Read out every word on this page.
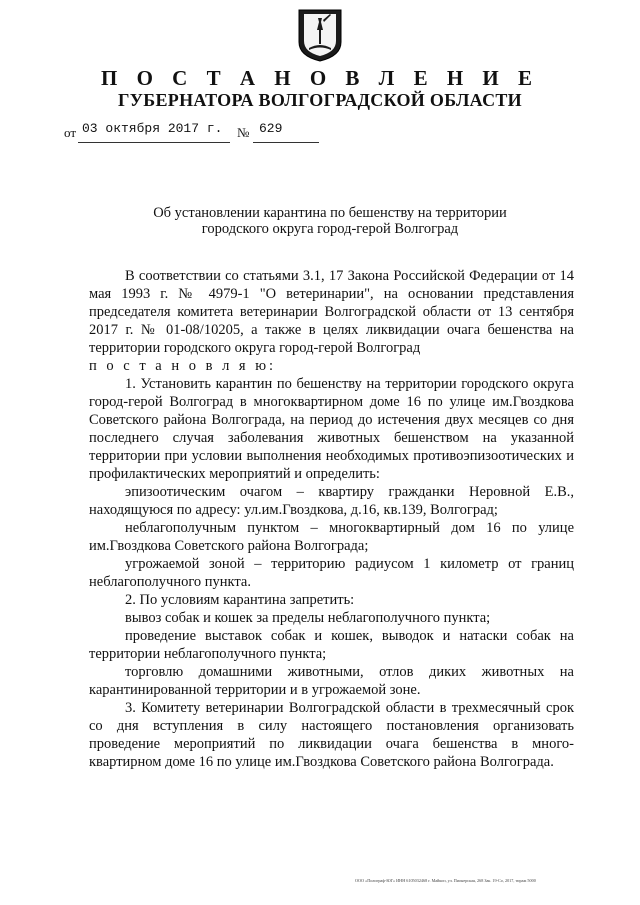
П О С Т А Н О В Л Е Н И Е
ГУБЕРНАТОРА ВОЛГОГРАДСКОЙ ОБЛАСТИ
от 03 октября 2017 г. № 629
Об установлении карантина по бешенству на территории
городского округа город-герой Волгоград

В соответствии со статьями 3.1, 17 Закона Российской Федерации от 14 мая 1993 г. № 4979-1 "О ветеринарии", на основании представления председателя комитета ветеринарии Волгоградской области от 13 сентября 2017 г. № 01-08/10205, а также в целях ликвидации очага бешенства на территории городского округа город-герой Волгоград

п о с т а н о в л я ю:

1. Установить карантин по бешенству на территории городского округа город-герой Волгоград в многоквартирном доме 16 по улице им.Гвоздкова Советского района Волгограда, на период до истечения двух месяцев со дня последнего случая заболевания животных бешенством на указанной территории при условии выполнения необходимых противоэпизоотических и профилактических мероприятий и определить:

эпизоотическим очагом – квартиру гражданки Неровной Е.В., находящуюся по адресу: ул.им.Гвоздкова, д.16, кв.139, Волгоград;

неблагополучным пунктом – многоквартирный дом 16 по улице им.Гвоздкова Советского района Волгограда;

угрожаемой зоной – территорию радиусом 1 километр от границ неблагополучного пункта.

2. По условиям карантина запретить:

вывоз собак и кошек за пределы неблагополучного пункта;

проведение выставок собак и кошек, выводок и натаски собак на территории неблагополучного пункта;

торговлю домашними животными, отлов диких животных на карантинированной территории и в угрожаемой зоне.

3. Комитету ветеринарии Волгоградской области в трехмесячный срок со дня вступления в силу настоящего постановления организовать проведение мероприятий по ликвидации очага бешенства в много-квартирном доме 16 по улице им.Гвоздкова Советского района Волгограда.

ООО «Полиграф-ЮГ» ИНН 6105032468 г. Майкоп, ул. Пионерская, 268 Зак. 19-Со, 2017, тираж 5000
